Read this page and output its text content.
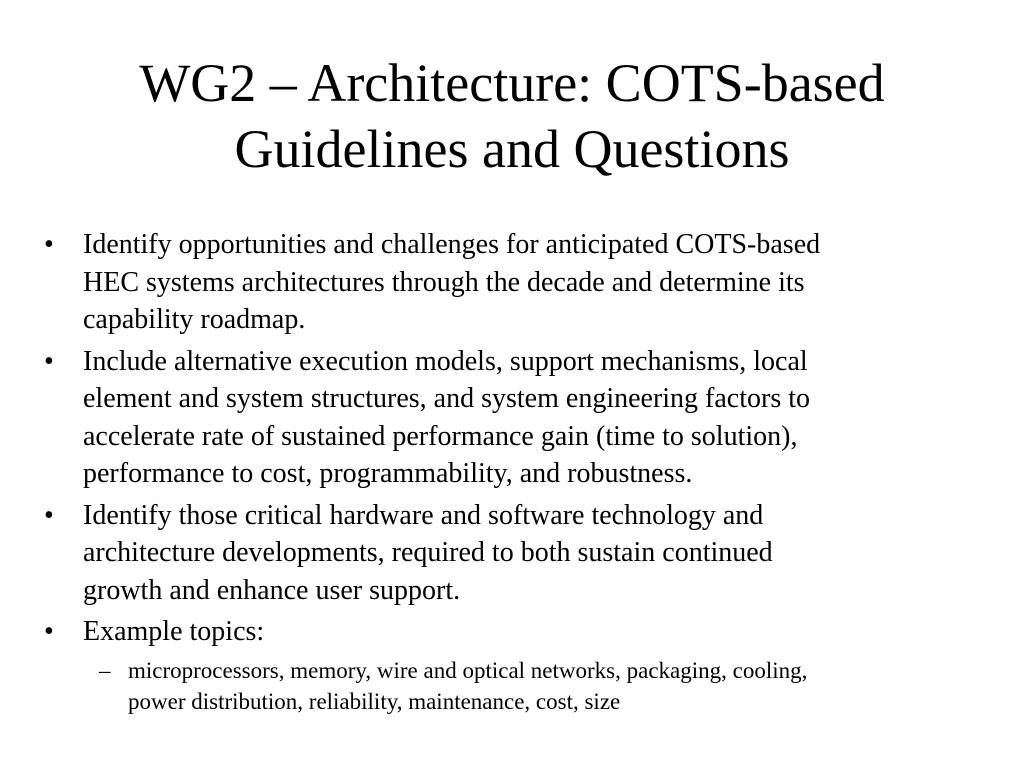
WG2 – Architecture: COTS-based
Guidelines and Questions
•	Identify opportunities and challenges for anticipated COTS-based
HEC systems architectures through the decade and determine its
capability roadmap.
•	Include alternative execution models, support mechanisms, local
element and system structures, and system engineering factors to
accelerate rate of sustained performance gain (time to solution),
performance to cost, programmability, and robustness.
•	Identify those critical hardware and software technology and
architecture developments, required to both sustain continued
growth and enhance user support.
•	Example topics:
– microprocessors, memory, wire and optical networks, packaging, cooling,
power distribution, reliability, maintenance, cost, size
